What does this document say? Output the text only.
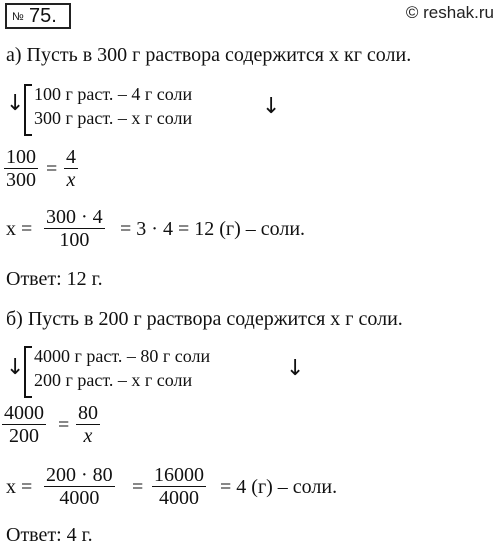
№ 75.	© reshak.ru
а) Пусть в 300 г раствора содержится x кг соли.
↓ 100 г раст. – 4 г соли
300 г раст. – x г соли	↓
$\frac{100}{300} = \frac{4}{x}$
$x = \frac{300 \cdot 4}{100} = 3 \cdot 4 = 12$ (г) – соли.
Ответ: 12 г.
б) Пусть в 200 г раствора содержится x г соли.
↓ 4000 г раст. – 80 г соли
200 г раст. – x г соли	↓
$\frac{4000}{200} = \frac{80}{x}$
$x = \frac{200 \cdot 80}{4000} = \frac{16000}{4000} = 4$ (г) – соли.
Ответ: 4 г.
